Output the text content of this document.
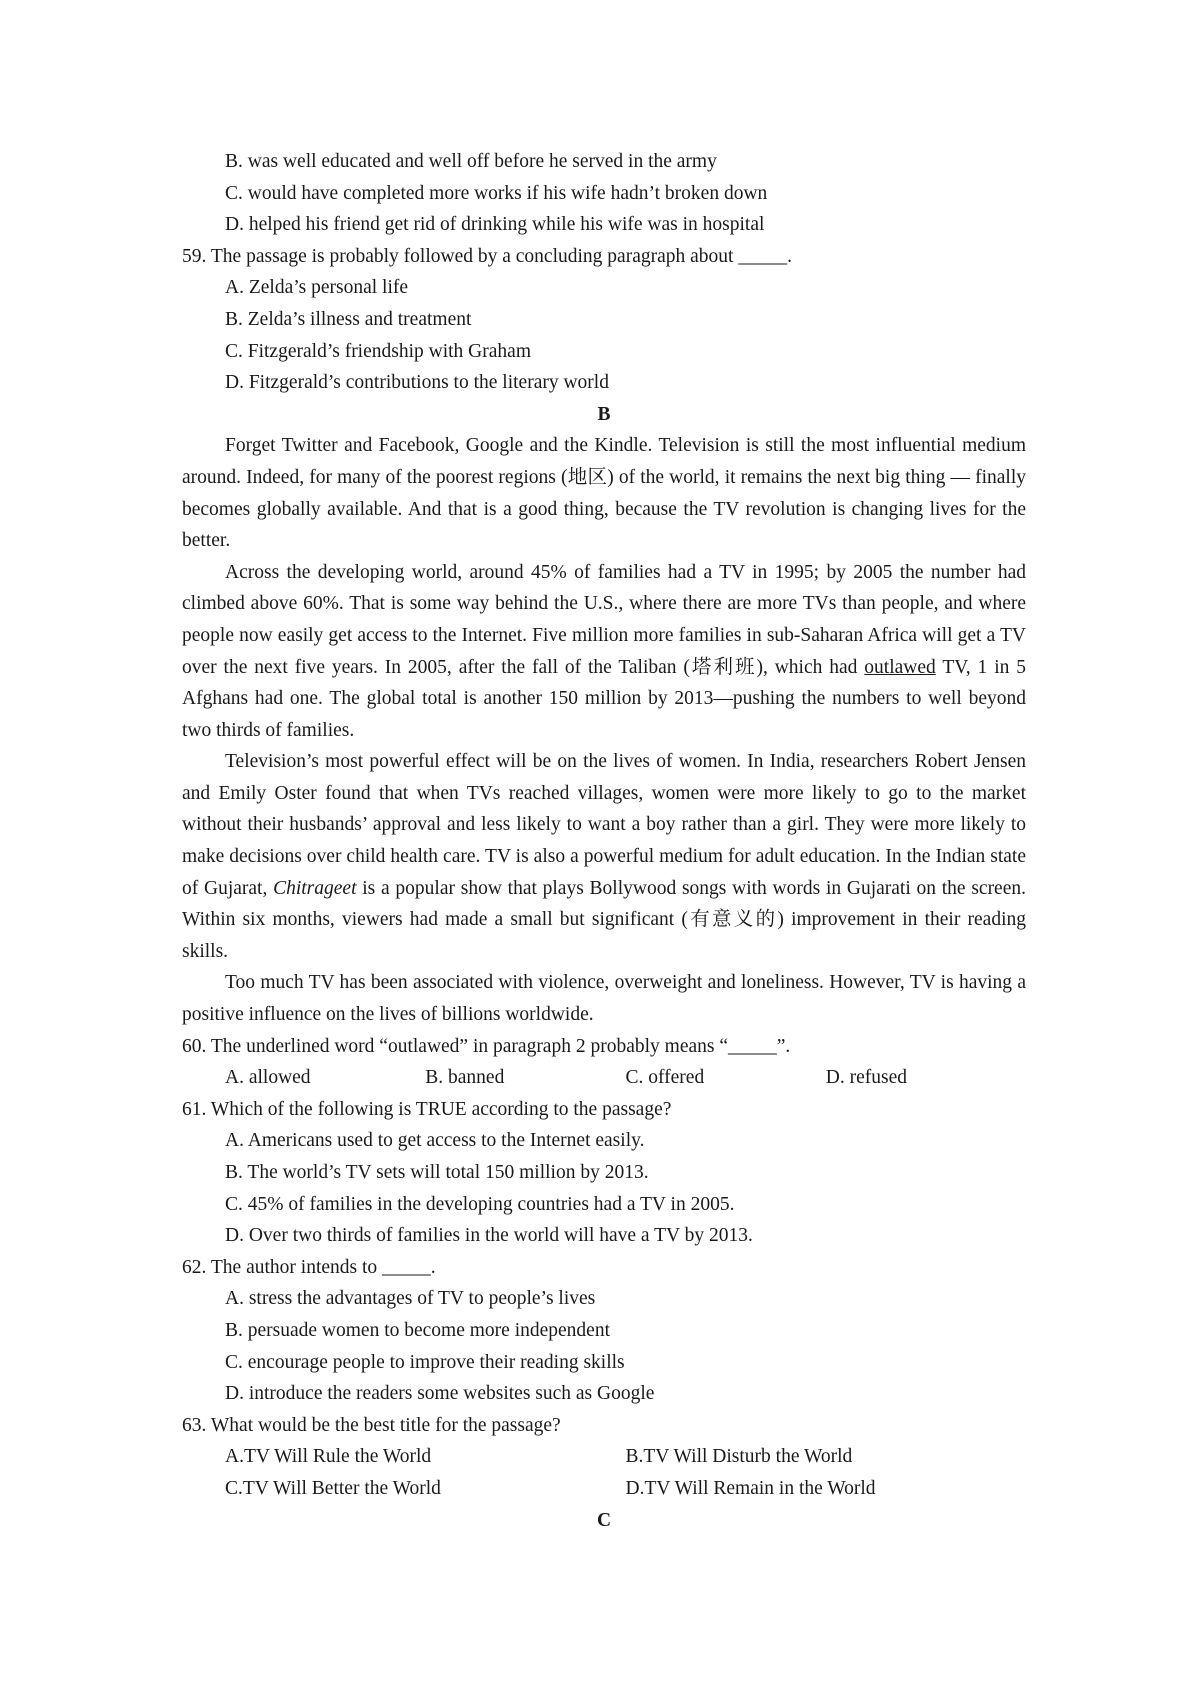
B. was well educated and well off before he served in the army
C. would have completed more works if his wife hadn’t broken down
D. helped his friend get rid of drinking while his wife was in hospital
59. The passage is probably followed by a concluding paragraph about _____.
A. Zelda’s personal life
B. Zelda’s illness and treatment
C. Fitzgerald’s friendship with Graham
D. Fitzgerald’s contributions to the literary world
B

Forget Twitter and Facebook, Google and the Kindle. Television is still the most influential medium around. Indeed, for many of the poorest regions (地区) of the world, it remains the next big thing — finally becomes globally available. And that is a good thing, because the TV revolution is changing lives for the better.

Across the developing world, around 45% of families had a TV in 1995; by 2005 the number had climbed above 60%. That is some way behind the U.S., where there are more TVs than people, and where people now easily get access to the Internet. Five million more families in sub-Saharan Africa will get a TV over the next five years. In 2005, after the fall of the Taliban (塔利班), which had outlawed TV, 1 in 5 Afghans had one. The global total is another 150 million by 2013—pushing the numbers to well beyond two thirds of families.

Television’s most powerful effect will be on the lives of women. In India, researchers Robert Jensen and Emily Oster found that when TVs reached villages, women were more likely to go to the market without their husbands’ approval and less likely to want a boy rather than a girl. They were more likely to make decisions over child health care. TV is also a powerful medium for adult education. In the Indian state of Gujarat, Chitrageet is a popular show that plays Bollywood songs with words in Gujarati on the screen. Within six months, viewers had made a small but significant (有意义的) improvement in their reading skills.

Too much TV has been associated with violence, overweight and loneliness. However, TV is having a positive influence on the lives of billions worldwide.

60. The underlined word “outlawed” in paragraph 2 probably means “_____”.
A. allowed	B. banned	C. offered	D. refused
61. Which of the following is TRUE according to the passage?
A. Americans used to get access to the Internet easily.
B. The world’s TV sets will total 150 million by 2013.
C. 45% of families in the developing countries had a TV in 2005.
D. Over two thirds of families in the world will have a TV by 2013.
62. The author intends to _____.
A. stress the advantages of TV to people’s lives
B. persuade women to become more independent
C. encourage people to improve their reading skills
D. introduce the readers some websites such as Google
63. What would be the best title for the passage?
A.TV Will Rule the World	B.TV Will Disturb the World
C.TV Will Better the World	D.TV Will Remain in the World
C
